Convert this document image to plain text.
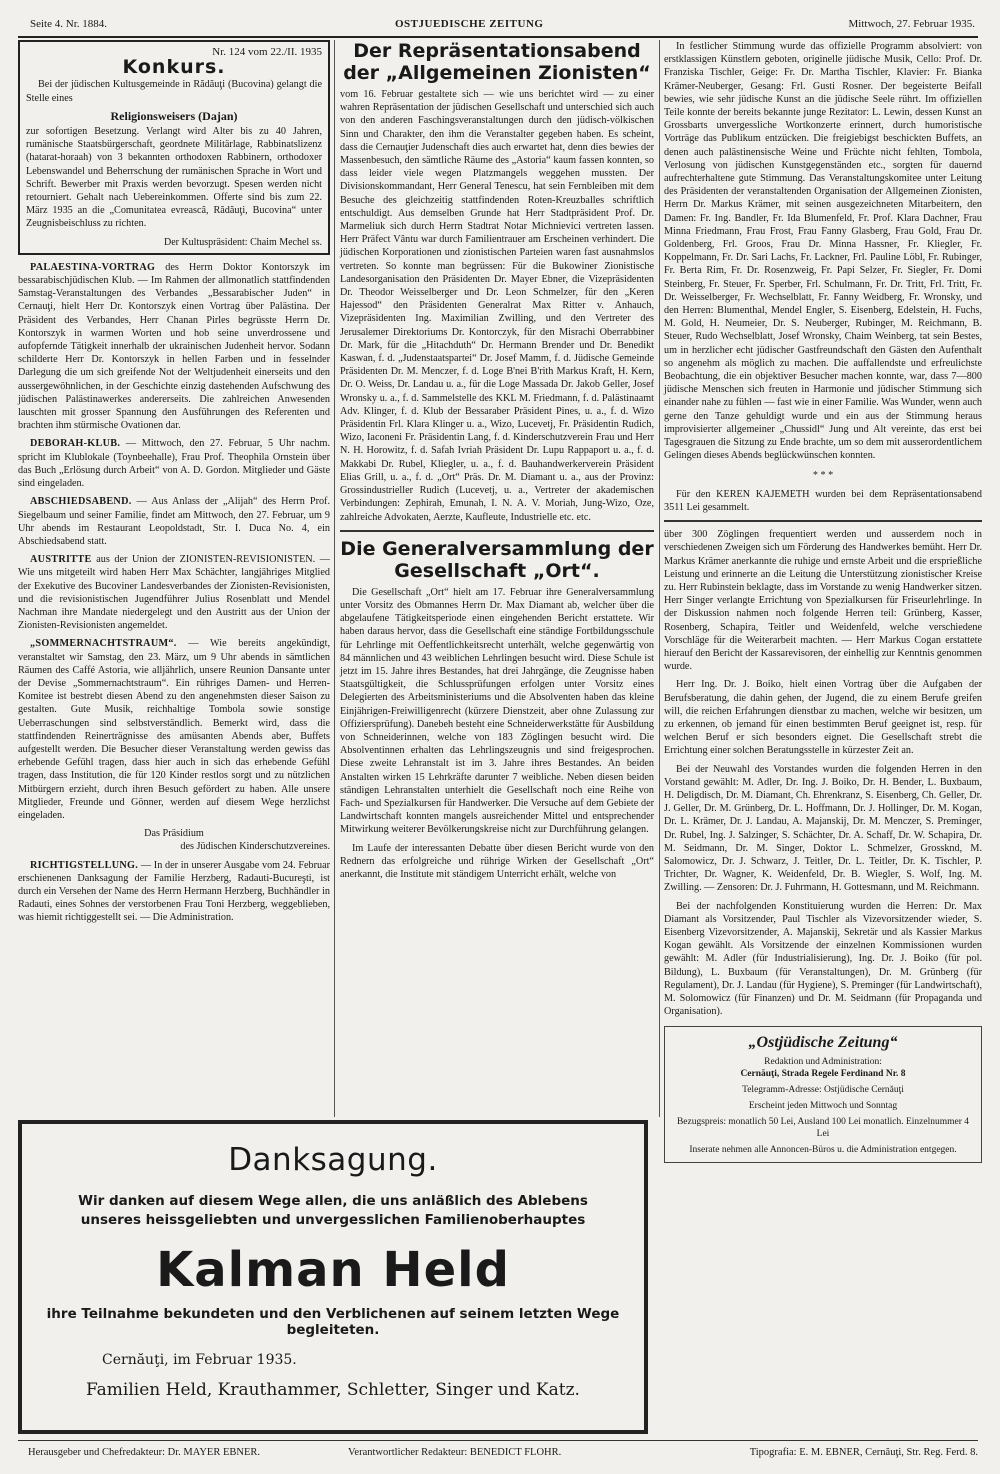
Seite 4. Nr. 1884.	OSTJUEDISCHE ZEITUNG	Mittwoch, 27. Februar 1935.
Nr. 124 vom 22./II. 1935
Konkurs.

Bei der jüdischen Kultusgemeinde in Rădăuţi (Bucovina) gelangt die Stelle eines

Religionsweisers (Dajan)

zur sofortigen Besetzung. Verlangt wird Alter bis zu 40 Jahren, rumänische Staatsbürgerschaft, geordnete Militärlage, Rabbinatslizenz (hatarat-horaah) von 3 bekannten orthodoxen Rabbinern, orthodoxer Lebenswandel und Beherrschung der rumänischen Sprache in Wort und Schrift. Bewerber mit Praxis werden bevorzugt. Spesen werden nicht retourniert. Gehalt nach Uebereinkommen. Offerte sind bis zum 22. März 1935 an die „Comunitatea evreascâ, Rădăuţi, Bucovina“ unter Zeugnisbeischluss zu richten.

Der Kultuspräsident: Chaim Mechel ss.

PALAESTINA-VORTRAG des Herrn Doktor Kontorszyk im bessarabischjüdischen Klub. — Im Rahmen der allmonatlich stattfindenden Samstag-Veranstaltungen des Verbandes „Bessarabischer Juden“ in Cernauţi, hielt Herr Dr. Kontorszyk einen Vortrag über Palästina. Der Präsident des Verbandes, Herr Chanan Pirles begrüsste Herrn Dr. Kontorszyk in warmen Worten und hob seine unverdrossene und aufopfernde Tätigkeit innerhalb der ukrainischen Judenheit hervor. Sodann schilderte Herr Dr. Kontorszyk in hellen Farben und in fesselnder Darlegung die um sich greifende Not der Weltjudenheit einerseits und den aussergewöhnlichen, in der Geschichte einzig dastehenden Aufschwung des jüdischen Palästinawerkes andererseits. Die zahlreichen Anwesenden lauschten mit grosser Spannung den Ausführungen des Referenten und brachten ihm stürmische Ovationen dar.

DEBORAH-KLUB. — Mittwoch, den 27. Februar, 5 Uhr nachm. spricht im Klublokale (Toynbeehalle), Frau Prof. Theophila Ornstein über das Buch „Erlösung durch Arbeit“ von A. D. Gordon. Mitglieder und Gäste sind eingeladen.

ABSCHIEDSABEND. — Aus Anlass der „Alijah“ des Herrn Prof. Siegelbaum und seiner Familie, findet am Mittwoch, den 27. Februar, um 9 Uhr abends im Restaurant Leopoldstadt, Str. I. Duca No. 4, ein Abschiedsabend statt.

AUSTRITTE aus der Union der ZIONISTEN-REVISIONISTEN. — Wie uns mitgeteilt wird haben Herr Max Schächter, langjähriges Mitglied der Exekutive des Bucoviner Landesverbandes der Zionisten-Revisionisten, und die revisionistischen Jugendführer Julius Rosenblatt und Mendel Nachman ihre Mandate niedergelegt und den Austritt aus der Union der Zionisten-Revisionisten angemeldet.

„SOMMERNACHTSTRAUM“. — Wie bereits angekündigt, veranstaltet wir Samstag, den 23. März, um 9 Uhr abends in sämtlichen Räumen des Caffé Astoria, wie alljährlich, unsere Reunion Dansante unter der Devise „Sommernachtstraum“. Ein rühriges Damen- und Herren-Komitee ist bestrebt diesen Abend zu den angenehmsten dieser Saison zu gestalten. Gute Musik, reichhaltige Tombola sowie sonstige Ueberraschungen sind selbstverständlich. Bemerkt wird, dass die stattfindenden Reinerträgnisse des amüsanten Abends aber, Buffets aufgestellt werden. Die Besucher dieser Veranstaltung werden gewiss das erhebende Gefühl tragen, dass hier auch in sich das erhebende Gefühl tragen, dass Institution, die für 120 Kinder restlos sorgt und zu nützlichen Mitbürgern erzieht, durch ihren Besuch gefördert zu haben. Alle unsere Mitglieder, Freunde und Gönner, werden auf diesem Wege herzlichst eingeladen.

Das Präsidium
des Jüdischen Kinderschutzvereines.

RICHTIGSTELLUNG. — In der in unserer Ausgabe vom 24. Februar erschienenen Danksagung der Familie Herzberg, Radauti-Bucureşti, ist durch ein Versehen der Name des Herrn Hermann Herzberg, Buchhändler in Radauti, eines Sohnes der verstorbenen Frau Toni Herzberg, weggeblieben, was hiemit richtiggestellt sei. — Die Administration.

Der Repräsentationsabend der „Allgemeinen Zionisten“

vom 16. Februar gestaltete sich — wie uns berichtet wird — zu einer wahren Repräsentation der jüdischen Gesellschaft und unterschied sich auch von den anderen Faschingsveranstaltungen durch den jüdisch-völkischen Sinn und Charakter, den ihm die Veranstalter gegeben haben. Es scheint, dass die Cernauţier Judenschaft dies auch erwartet hat, denn dies bewies der Massenbesuch, den sämtliche Räume des „Astoria“ kaum fassen konnten, so dass leider viele wegen Platzmangels weggehen mussten. Der Divisionskommandant, Herr General Tenescu, hat sein Fernbleiben mit dem Besuche des gleichzeitig stattfindenden Roten-Kreuzballes schriftlich entschuldigt. Aus demselben Grunde hat Herr Stadtpräsident Prof. Dr. Marmeliuk sich durch Herrn Stadtrat Notar Michnievici vertreten lassen. Herr Präfect Vântu war durch Familientrauer am Erscheinen verhindert. Die jüdischen Korporationen und zionistischen Parteien waren fast ausnahmslos vertreten. So konnte man begrüssen: Für die Bukowiner Zionistische Landesorganisation den Präsidenten Dr. Mayer Ebner, die Vizepräsidenten Dr. Theodor Weisselberger und Dr. Leon Schmelzer, für den „Keren Hajessod“ den Präsidenten Generalrat Max Ritter v. Anhauch, Vizepräsidenten Ing. Maximilian Zwilling, und den Vertreter des Jerusalemer Direktoriums Dr. Kontorczyk, für den Misrachi Oberrabbiner Dr. Mark, für die „Hitachduth“ Dr. Hermann Brender und Dr. Benedikt Kaswan, f. d. „Judenstaatspartei“ Dr. Josef Mamm, f. d. Jüdische Gemeinde Präsidenten Dr. M. Menczer, f. d. Loge B'nei B'rith Markus Kraft, H. Kern, Dr. O. Weiss, Dr. Landau u. a., für die Loge Massada Dr. Jakob Geller, Josef Wronsky u. a., f. d. Sammelstelle des KKL M. Friedmann, f. d. Palästinaamt Adv. Klinger, f. d. Klub der Bessaraber Präsident Pines, u. a., f. d. Wizo Präsidentin Frl. Klara Klinger u. a., Wizo, Lucevetj, Fr. Präsidentin Rudich, Wizo, Iaconeni Fr. Präsidentin Lang, f. d. Kinderschutzverein Frau und Herr N. H. Horowitz, f. d. Safah Ivriah Präsident Dr. Lupu Rappaport u. a., f. d. Makkabi Dr. Rubel, Kliegler, u. a., f. d. Bauhandwerkerverein Präsident Elias Grill, u. a., f. d. „Ort“ Präs. Dr. M. Diamant u. a., aus der Provinz: Grossindustrieller Rudich (Lucevetj, u. a., Vertreter der akademischen Verbindungen: Zephirah, Emunah, I. N. A. V. Moriah, Jung-Wizo, Oze, zahlreiche Advokaten, Aerzte, Kaufleute, Industrielle etc. etc.

Die Generalversammlung der Gesellschaft „Ort“.

Die Gesellschaft „Ort“ hielt am 17. Februar ihre Generalversammlung unter Vorsitz des Obmannes Herrn Dr. Max Diamant ab, welcher über die abgelaufene Tätigkeitsperiode einen eingehenden Bericht erstattete. Wir haben daraus hervor, dass die Gesellschaft eine ständige Fortbildungsschule für Lehrlinge mit Oeffentlichkeitsrecht unterhält, welche gegenwärtig von 84 männlichen und 43 weiblichen Lehrlingen besucht wird. Diese Schule ist jetzt im 15. Jahre ihres Bestandes, hat drei Jahrgänge, die Zeugnisse haben Staatsgültigkeit, die Schlussprüfungen erfolgen unter Vorsitz eines Delegierten des Arbeitsministeriums und die Absolventen haben das kleine Einjährigen-Freiwilligenrecht (kürzere Dienstzeit, aber ohne Zulassung zur Offiziersprüfung). Danebeh besteht eine Schneiderwerkstätte für Ausbildung von Schneiderinnen, welche von 183 Zöglingen besucht wird. Die Absolventinnen erhalten das Lehrlingszeugnis und sind freigesprochen. Diese zweite Lehranstalt ist im 3. Jahre ihres Bestandes. An beiden Anstalten wirken 15 Lehrkräfte darunter 7 weibliche. Neben diesen beiden ständigen Lehranstalten unterhielt die Gesellschaft noch eine Reihe von Fach- und Spezialkursen für Handwerker. Die Versuche auf dem Gebiete der Landwirtschaft konnten mangels ausreichender Mittel und entsprechender Mitwirkung weiterer Bevölkerungskreise nicht zur Durchführung gelangen.

Im Laufe der interessanten Debatte über diesen Bericht wurde von den Rednern das erfolgreiche und rührige Wirken der Gesellschaft „Ort“ anerkannt, die Institute mit ständigem Unterricht erhält, welche von

In festlicher Stimmung wurde das offizielle Programm absolviert: von erstklassigen Künstlern geboten, originelle jüdische Musik, Cello: Prof. Dr. Franziska Tischler, Geige: Fr. Dr. Martha Tischler, Klavier: Fr. Bianka Krämer-Neuberger, Gesang: Frl. Gusti Rosner. Der begeisterte Beifall bewies, wie sehr jüdische Kunst an die jüdische Seele rührt. Im offiziellen Teile konnte der bereits bekannte junge Rezitator: L. Lewin, dessen Kunst an Grossbarts unvergessliche Wortkonzerte erinnert, durch humoristische Vorträge das Publikum entzücken. Die freigiebigst beschickten Buffets, an denen auch palästinensische Weine und Früchte nicht fehlten, Tombola, Verlosung von jüdischen Kunstgegenständen etc., sorgten für dauernd aufrechterhaltene gute Stimmung. Das Veranstaltungskomitee unter Leitung des Präsidenten der veranstaltenden Organisation der Allgemeinen Zionisten, Herrn Dr. Markus Krämer, mit seinen ausgezeichneten Mitarbeitern, den Damen: Fr. Ing. Bandler, Fr. Ida Blumenfeld, Fr. Prof. Klara Dachner, Frau Minna Friedmann, Frau Frost, Frau Fanny Glasberg, Frau Gold, Frau Dr. Goldenberg, Frl. Groos, Frau Dr. Minna Hassner, Fr. Kliegler, Fr. Koppelmann, Fr. Dr. Sari Lachs, Fr. Lackner, Frl. Pauline Löbl, Fr. Rubinger, Fr. Berta Rim, Fr. Dr. Rosenzweig, Fr. Papi Selzer, Fr. Siegler, Fr. Domi Steinberg, Fr. Steuer, Fr. Sperber, Frl. Schulmann, Fr. Dr. Tritt, Frl. Tritt, Fr. Dr. Weisselberger, Fr. Wechselblatt, Fr. Fanny Weidberg, Fr. Wronsky, und den Herren: Blumenthal, Mendel Engler, S. Eisenberg, Edelstein, H. Fuchs, M. Gold, H. Neumeier, Dr. S. Neuberger, Rubinger, M. Reichmann, B. Steuer, Rudo Wechselblatt, Josef Wronsky, Chaim Weinberg, tat sein Bestes, um in herzlicher echt jüdischer Gastfreundschaft den Gästen den Aufenthalt so angenehm als möglich zu machen. Die auffallendste und erfreulichste Beobachtung, die ein objektiver Besucher machen konnte, war, dass 7—800 jüdische Menschen sich freuten in Harmonie und jüdischer Stimmung sich einander nahe zu fühlen — fast wie in einer Familie. Was Wunder, wenn auch gerne den Tanze gehuldigt wurde und ein aus der Stimmung heraus improvisierter allgemeiner „Chussidl“ Jung und Alt vereinte, das erst bei Tagesgrauen die Sitzung zu Ende brachte, um so dem mit ausserordentlichem Gelingen dieses Abends beglückwünschen konnten.

* * *

Für den KEREN KAJEMETH wurden bei dem Repräsentationsabend 3511 Lei gesammelt.

über 300 Zöglingen frequentiert werden und ausserdem noch in verschiedenen Zweigen sich um Förderung des Handwerkes bemüht. Herr Dr. Markus Krämer anerkannte die ruhige und ernste Arbeit und die ersprießliche Leistung und erinnerte an die Leitung die Unterstützung zionistischer Kreise zu. Herr Rubinstein beklagte, dass im Vorstande zu wenig Handwerker sitzen. Herr Singer verlangte Errichtung von Spezialkursen für Friseurlehrlinge. In der Diskussion nahmen noch folgende Herren teil: Grünberg, Kasser, Rosenberg, Schapira, Teitler und Weidenfeld, welche verschiedene Vorschläge für die Weiterarbeit machten. — Herr Markus Cogan erstattete hierauf den Bericht der Kassarevisoren, der einhellig zur Kenntnis genommen wurde.

Herr Ing. Dr. J. Boiko, hielt einen Vortrag über die Aufgaben der Berufsberatung, die dahin gehen, der Jugend, die zu einem Berufe greifen will, die reichen Erfahrungen dienstbar zu machen, welche wir besitzen, um zu erkennen, ob jemand für einen bestimmten Beruf geeignet ist, resp. für welchen Beruf er sich besonders eignet. Die Gesellschaft strebt die Errichtung einer solchen Beratungsstelle in kürzester Zeit an.

Bei der Neuwahl des Vorstandes wurden die folgenden Herren in den Vorstand gewählt: M. Adler, Dr. Ing. J. Boiko, Dr. H. Bender, L. Buxbaum, H. Deligdisch, Dr. M. Diamant, Ch. Ehrenkranz, S. Eisenberg, Ch. Geller, Dr. J. Geller, Dr. M. Grünberg, Dr. L. Hoffmann, Dr. J. Hollinger, Dr. M. Kogan, Dr. L. Krämer, Dr. J. Landau, A. Majanskij, Dr. M. Menczer, S. Preminger, Dr. Rubel, Ing. J. Salzinger, S. Schächter, Dr. A. Schaff, Dr. W. Schapira, Dr. M. Seidmann, Dr. M. Singer, Doktor L. Schmelzer, Grossknd, M. Salomowicz, Dr. J. Schwarz, J. Teitler, Dr. L. Teitler, Dr. K. Tischler, P. Trichter, Dr. Wagner, K. Weidenfeld, Dr. B. Wiegler, S. Wolf, Ing. M. Zwilling. — Zensoren: Dr. J. Fuhrmann, H. Gottesmann, und M. Reichmann.

Bei der nachfolgenden Konstituierung wurden die Herren: Dr. Max Diamant als Vorsitzender, Paul Tischler als Vizevorsitzender wieder, S. Eisenberg Vizevorsitzender, A. Majanskij, Sekretär und als Kassier Markus Kogan gewählt. Als Vorsitzende der einzelnen Kommissionen wurden gewählt: M. Adler (für Industrialisierung), Ing. Dr. J. Boiko (für pol. Bildung), L. Buxbaum (für Veranstaltungen), Dr. M. Grünberg (für Regulament), Dr. J. Landau (für Hygiene), S. Preminger (für Landwirtschaft), M. Solomowicz (für Finanzen) und Dr. M. Seidmann (für Propaganda und Organisation).

„Ostjüdische Zeitung“
Redaktion und Administration:
Cernăuţi, Strada Regele Ferdinand Nr. 8
Telegramm-Adresse: Ostjüdische Cernăuţi
Erscheint jeden Mittwoch und Sonntag
Bezugspreis: monatlich 50 Lei, Ausland 100 Lei monatlich. Einzelnummer 4 Lei
Inserate nehmen alle Annoncen-Büros u. die Administration entgegen.
Danksagung.
Wir danken auf diesem Wege allen, die uns anläßlich des Ablebens unseres heissgeliebten und unvergesslichen Familienoberhauptes
Kalman Held
ihre Teilnahme bekundeten und den Verblichenen auf seinem letzten Wege begleiteten.
Cernăuţi, im Februar 1935.
Familien Held, Krauthammer, Schletter, Singer und Katz.
Herausgeber und Chefredakteur: Dr. MAYER EBNER.	Verantwortlicher Redakteur: BENEDICT FLOHR.	Tipografia: E. M. EBNER, Cernăuţi, Str. Reg. Ferd. 8.
